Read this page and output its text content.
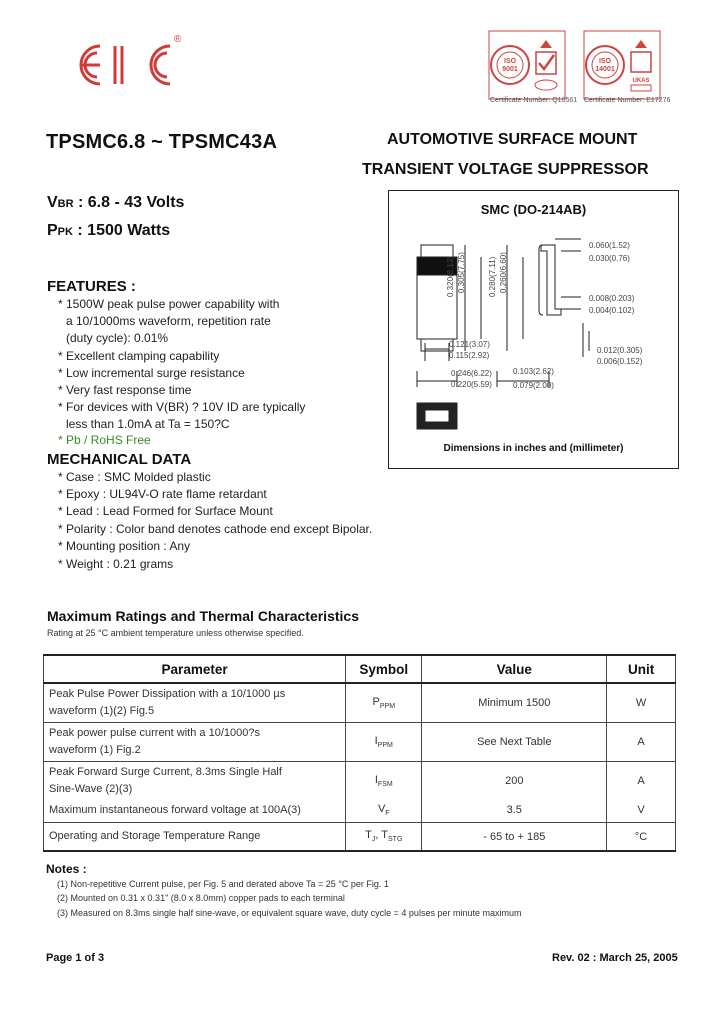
®
ISO
9001
Certificate Number: Q10561
ISO
14001
UKAS
Certificate Number: E17276
TPSMC6.8 ~ TPSMC43A	AUTOMOTIVE SURFACE MOUNT
TRANSIENT VOLTAGE SUPPRESSOR
VBR : 6.8 - 43 Volts
PPK : 1500 Watts
FEATURES :
* 1500W peak pulse power capability with
a 10/1000ms waveform, repetition rate
(duty cycle): 0.01%
* Excellent clamping capability
* Low incremental surge resistance
* Very fast response time
* For devices with V(BR) ? 10V ID are typically
less than 1.0mA at Ta = 150?C
* Pb / RoHS Free
MECHANICAL DATA
* Case : SMC Molded plastic
* Epoxy : UL94V-O rate flame retardant
* Lead : Lead Formed for Surface Mount
* Polarity : Color band denotes cathode end except Bipolar.
* Mounting position : Any
* Weight : 0.21 grams
SMC (DO-214AB)
0.060(1.52)
0.030(0.76)
0.008(0.203)
0.004(0.102)
0.121(3.07)
0.115(2.92)
0.246(6.22)
0.220(5.59)
0.103(2.62)
0.079(2.00)
0.012(0.305)
0.006(0.152)
0.320(8.13) 0.305(7.75)	0.280(7.11) 0.260(6.60)
Dimensions in inches and (millimeter)
Maximum Ratings and Thermal Characteristics
Rating at 25 °C ambient temperature unless otherwise specified.
Parameter	Symbol	Value	Unit

Peak Pulse Power Dissipation with a 10/1000 µs
waveform (1)(2) Fig.5	$P_{PPM}$	Minimum 1500	W

Peak power pulse current with a 10/1000?s
waveform (1) Fig.2	$I_{PPM}$	See Next Table	A

Peak Forward Surge Current, 8.3ms Single Half
Sine-Wave (2)(3)	$I_{FSM}$	200	A

Maximum instantaneous forward voltage at 100A(3)	$V_F$	3.5	V

Operating and Storage Temperature Range	$T_J$, $T_{STG}$	- 65 to + 185	°C
Notes :
(1) Non-repetitive Current pulse, per Fig. 5 and derated above Ta = 25 °C per Fig. 1
(2) Mounted on 0.31 x 0.31" (8.0 x 8.0mm) copper pads to each terminal
(3) Measured on 8.3ms single half sine-wave, or equivalent square wave, duty cycle = 4 pulses per minute maximum
Page 1 of 3	Rev. 02 : March 25, 2005
